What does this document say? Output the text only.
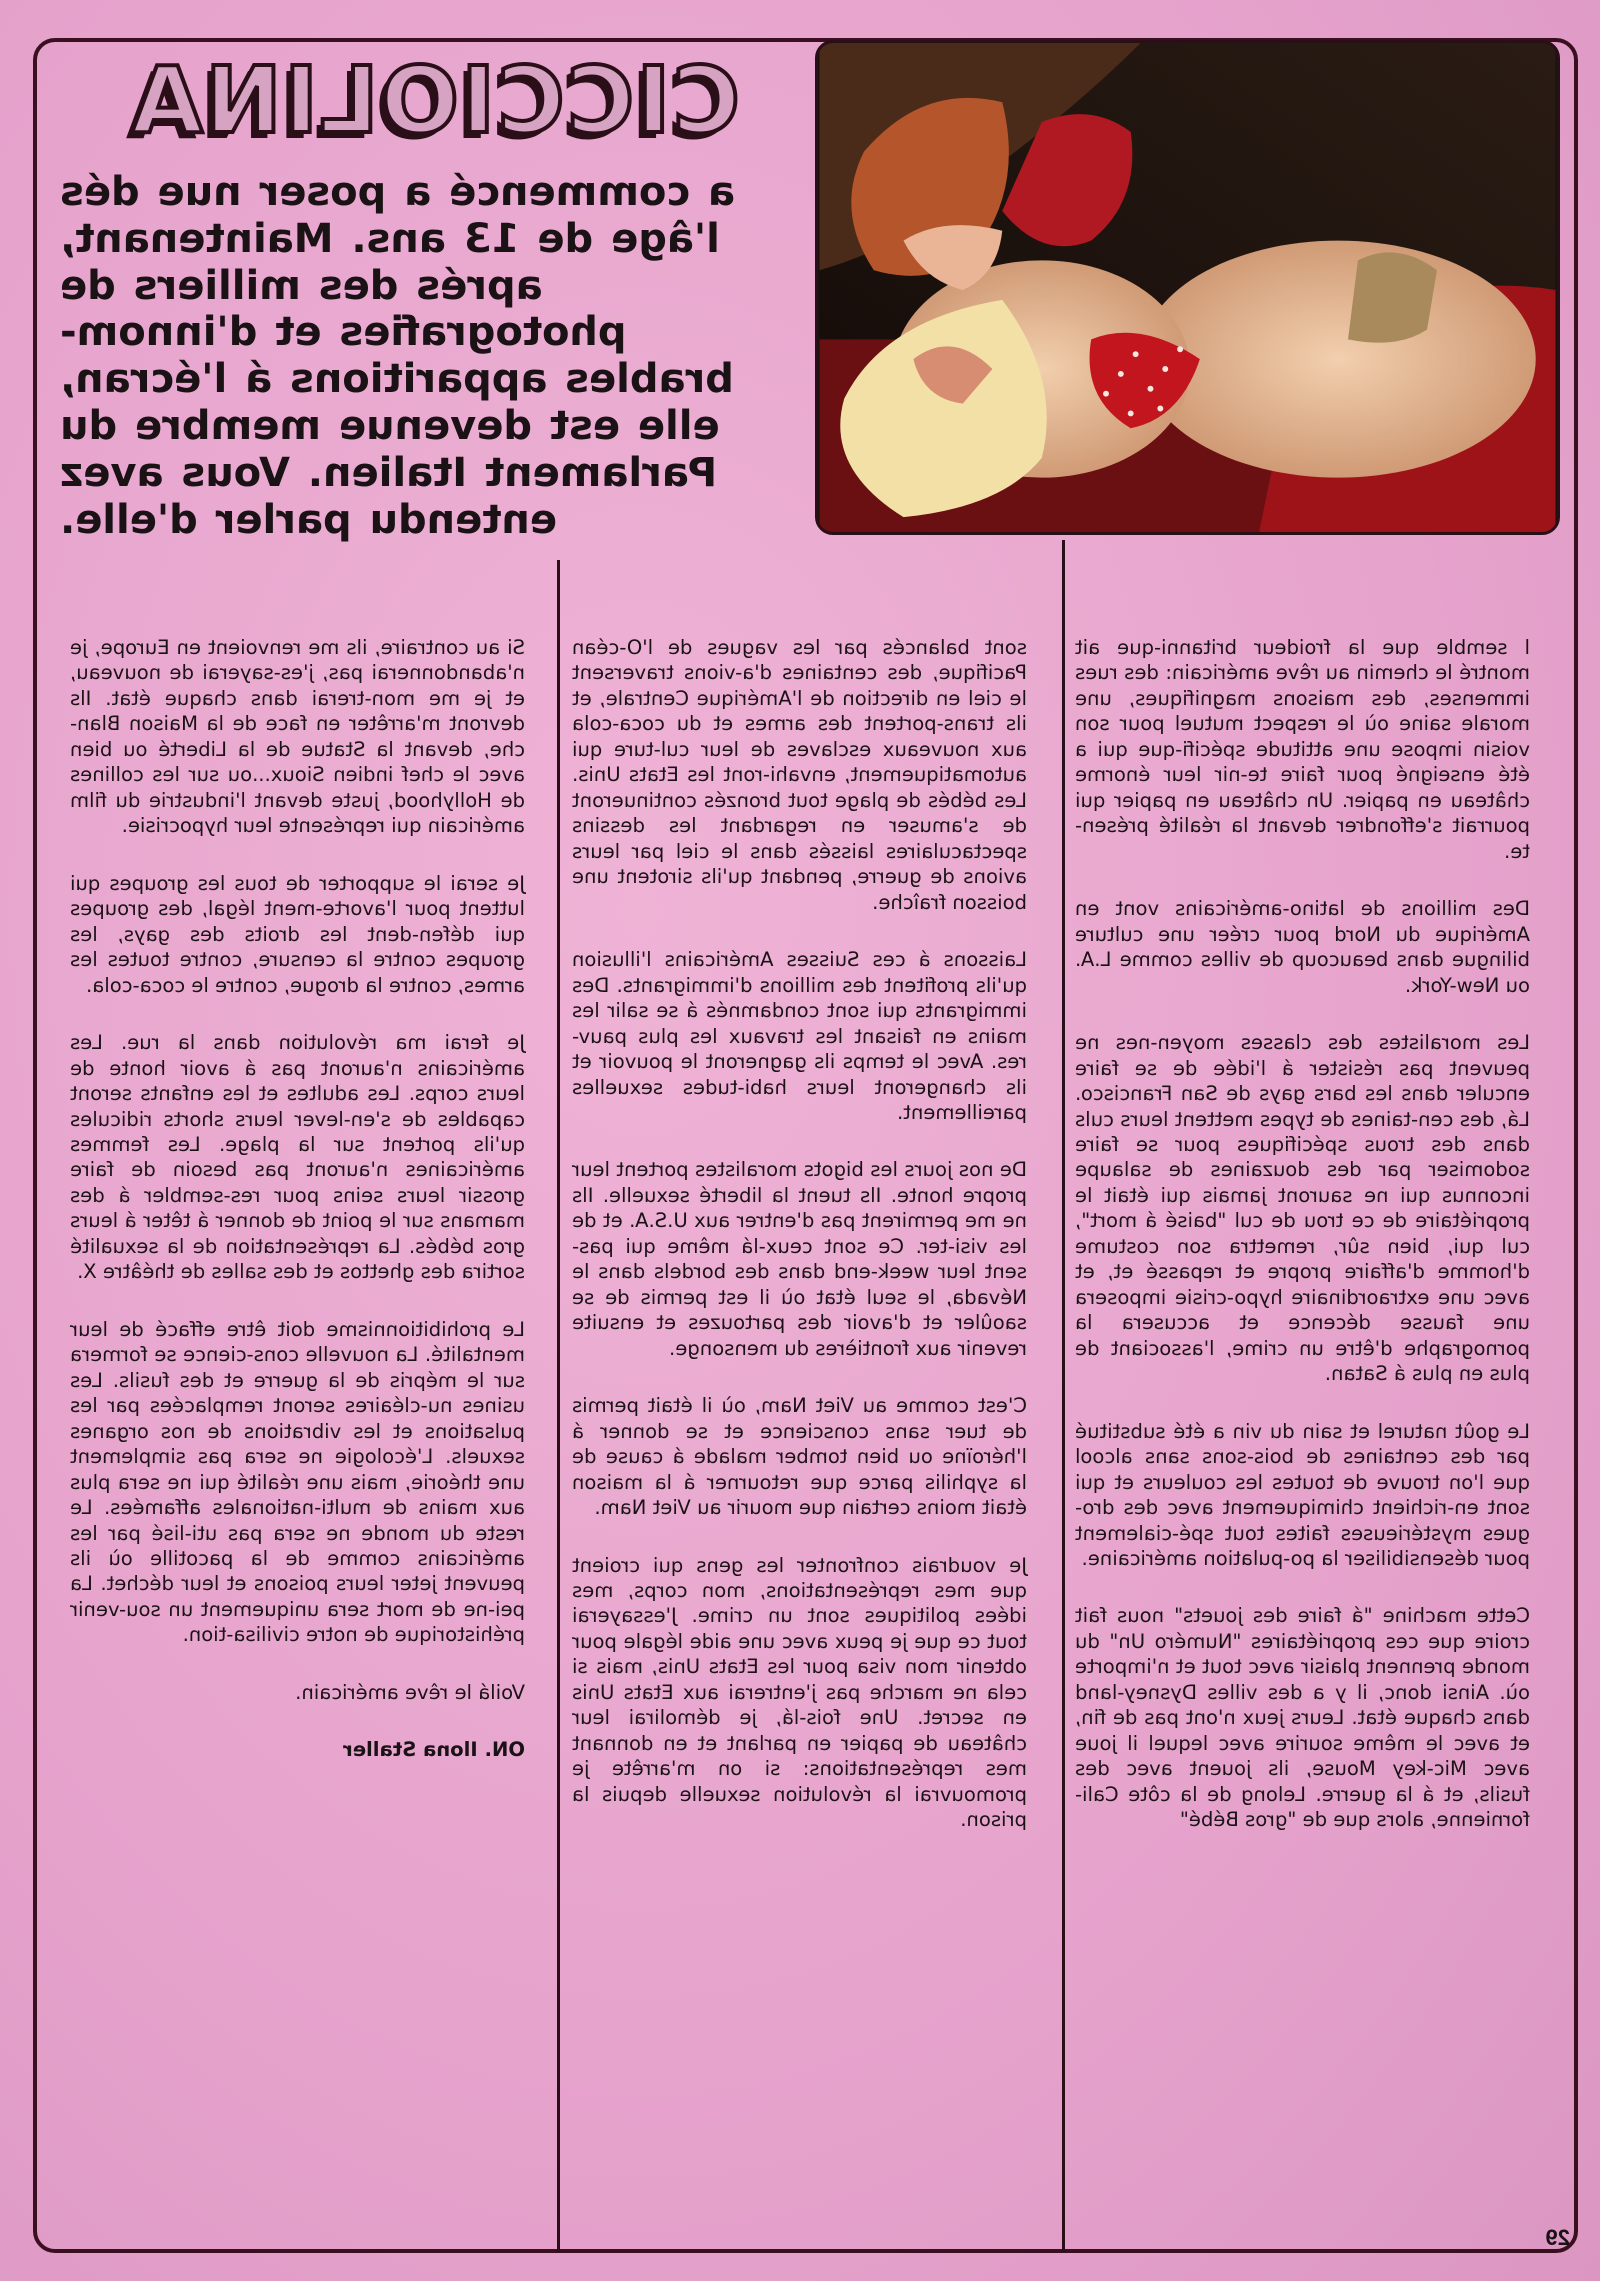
CICCIOLINA
a commencé a poser nue dés l'âge de 13 ans. Maintenant, aprés des milliers de photografies et d'innom-brables apparitions á l'écran, elle est devenue membre du Parlament Italien. Vous avez entendu parler d'elle.

l semble que la froideur britanni-que ait montré le chemin au rêve américain: des rues immenses, des maisons magnifiques, une morale saine où le respect mutuel pour son voisin impose une attitude spécifi-que qui a été enseigné pour faire te-nir leur énorme château en papier. Un château en papier qui pourrait s'effondrer devant la réalité présen-te.

Des millions de latino-américains vont en Amérique du Nord pour créer une culture bilingue dans beaucoup de villes comme L.A. ou New-York.

Les moralistes des classes moyen-nes ne peuvent pas résister á l'idée de se faire enculer dans les bars gays de San Francisco. Lá, des cen-taines de types mettent leurs culs dans des trous spécifiques pour se faire sodomiser par des douzaines de salaupe inconnus qui ne sauront jamais qui était le propriétaire de ce trou de cul "baisé á mort", cul qui, bien sûr, remettra son costume d'homme d'affaire propre et repassé et, et avec une extraordinaire hypo-crisie imposera une fausse décence et accusera la pornographe d'être un crime, l'associant de plus en plus á Satan.

Le goût naturel et sain du vin a été substitué par des centaines de bois-sons sans alcool que l'on trouve de toutes les couleurs et qui sont en-richient chimiquement avec des dro-gues mystérieuses faites tout spé-cialement pour désensibiliser la po-pulation américaine.

Cette machine "á faire des jouets" nous fait croire que ces propriétaires "Numéro Un" du monde prennent plaisir avec tout et n'importe où. Ainsi donc, il y a des villes Dysney-land dans chaque état. Leurs jeux n'ont pas de fin, et avec le même sourire avec lequel il joue avec Mic-key Mouse, ils jouent avec des fusils, et á la guerre. Lelong de la côte Cali-fornienne, alors que de "gros Bébé"

sont balancés par les vagues de l'O-céan Pacifique, des centaines d'a-vions traversent le ciel en direction de l'Amérique Centrale, et ils trans-portent des armes et du coca-cola aux nouveaux esclaves de leur cul-ture qui automatiquement, envahi-ront les Etats Unis. Les bébés de plage tout bronzés continueront de s'amuser en regardant les dessins spectaculaires laissés dans le ciel par leurs avions de guerre, pendant qu'ils sirotent une boisson fraîche.

Laissons á ces Suisses Américains l'illusion qu'ils profitent des millions d'immigrants. Des immigrants qui sont condamnés á se salir les mains en faisant les travaux les plus pauv-res. Avec le temps ils gagneront le pouvoir et ils changeront leurs habi-tudes sexuelles pareillement.

De nos jours les bigots moralistes portent leur propre honte. Ils tuent la liberté sexuelle. Ils ne me permirent pas d'entrer aux U.S.A. et de les visi-ter. Ce sont ceux-lá même qui pas-sent leur week-end dans des bordels dans le Névada, le seul état où il est permis de se saoûler et d'avoir des partouzes et ensuite revenir aux frontières du mensonge.

C'est comme au Viet Nam, où il était permis de tuer sans conscience et se donner á l'héroïne ou bien tomber malade á cause de la syphilis parce que retourner á la maison était moins certain que mourir au Viet Nam.

Je voudrais confronter les gens qui croient que mes représentations, mon corps, mes idées politiques sont un crime. J'essayerai tout ce que je peux avec une aide légale pour obtenir mon visa pour les Etats Unis, mais si cela ne marche pas j'entrerai aux Etats Unis en secret. Une fois-lá, je démolirai leur château de papier en parlant et en donnant mes représentations: si on m'arrête je promouvrai la révolution sexuelle depuis la prison.

Si au contraire, ils me renvoient en Europe, je n'abandonnerai pas, j'es-sayerai de nouveau, et je me mon-trerai dans chaque état. Ils devront m'arrêter en face de la Maison Blan-che, devant la Statue de la Liberté ou bien avec le chef indien Sioux...ou sur les collines de Hollyhood, juste devant l'industrie du film américain qui représente leur hypocrisie.

Je serai le supporter de tous les groupes qui luttent pour l'avorte-ment légal, des groupes qui défen-dent les droits des gays, les groupes contre la censure, contre toutes les armes, contre la drogue, contre le coca-cola.

Je ferai ma révolution dans la rue. Les américains n'auront pas á avoir honte de leurs corps. Les adultes et les enfants seront capables de s'en-lever leurs shorts ridicules qu'ils portent sur la plage. Les femmes américaines n'auront pas besoin de faire grossir leurs seins pour res-sembler á des mamans sur le point de donner á têter á leurs gros bébés. La représentation de la sexualité sortira des ghettos et des salles de théâtre X.

Le prohibitionnisme doit être effacé de leur mentalité. La nouvelle cons-cience se formera sur le mépris de la guerre et des fusils. Les usines nu-cléaires seront remplacées par les pulsations et les vibrations de nos organes sexuels. L'écologie ne sera pas simplement une théorie, mais une réalité qui ne sera plus aux mains de multi-nationales affamées. Le reste du monde ne sera pas uti-lisé par les américains comme de la pacotille où ils peuvent jeter leurs poisons et leur déchet. La pei-ne de mort sera uniquement un sou-venir préhistorique de notre civilisa-tion.

Voilá le rêve américain.

ON. Ilona Staller

29
